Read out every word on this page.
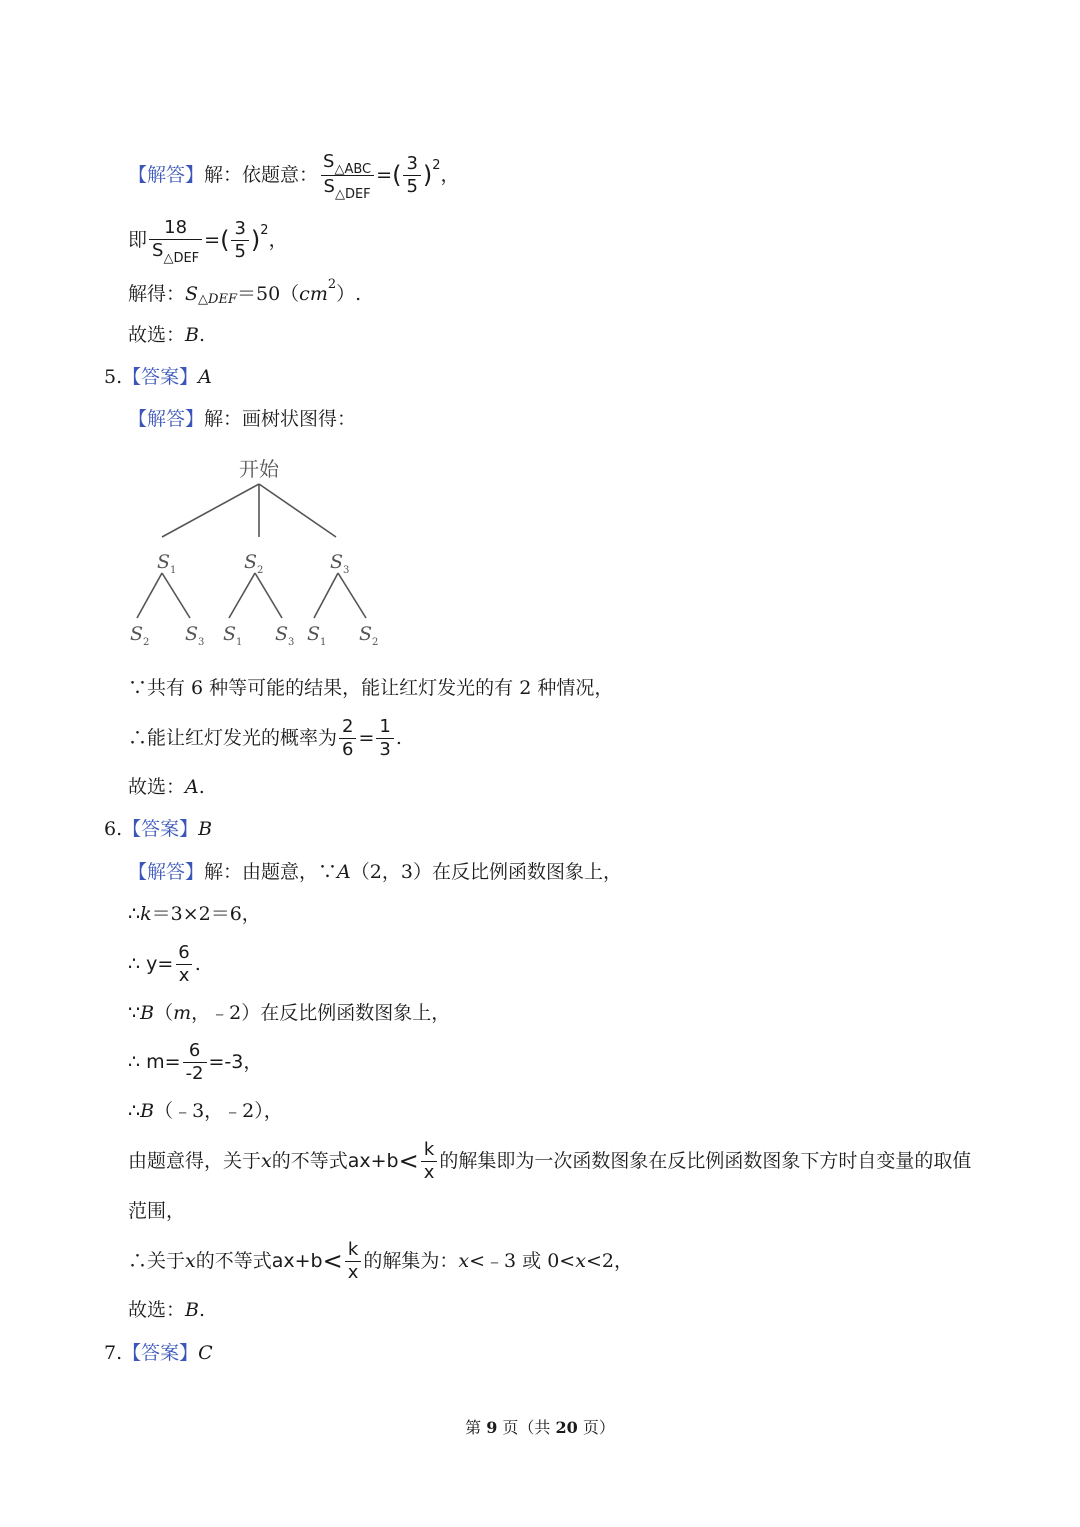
【解答】 解：依题意： $\frac{S_{\triangle ABC}}{S_{\triangle DEF}}$ = ( $\frac{3}{5}$ ) 2 ，
即 $\frac{18}{S_{\triangle DEF}}$ = ( $\frac{3}{5}$ ) 2 ，
解得： S △DEF ＝50（ cm 2 ）.
故选： B .
5. 【答案】 A
【解答】 解：画树状图得：
开始
$S_1$	$S_2$	$S_3$
$S_2$ $S_3$ $S_1$ $S_3$ $S_1$ $S_2$
∵共有 6 种等可能的结果，能让红灯发光的有 2 种情况，
∴能让红灯发光的概率为 $\frac{2}{6} = \frac{1}{3}$ .
故选： A .
6. 【答案】 B
【解答】 解：由题意，∵ A （2，3）在反比例函数图象上，
∴ k ＝3×2＝6，
∴ $y= \frac{6}{x}$ .
∵ B （ m ，﹣2）在反比例函数图象上，
∴ $m= \frac{6}{-2} =-3$，
∴ B （﹣3，﹣2），
由题意得，关于 x 的不等式 $ax+b < \frac{k}{x}$ 的解集即为一次函数图象在反比例函数图象下方时自变量的取值
范围，
∴关于 x 的不等式 $ax+b < \frac{k}{x}$ 的解集为： x <﹣3 或 0< x <2，
故选： B .
7. 【答案】 C
第 9 页（共 20 页）
